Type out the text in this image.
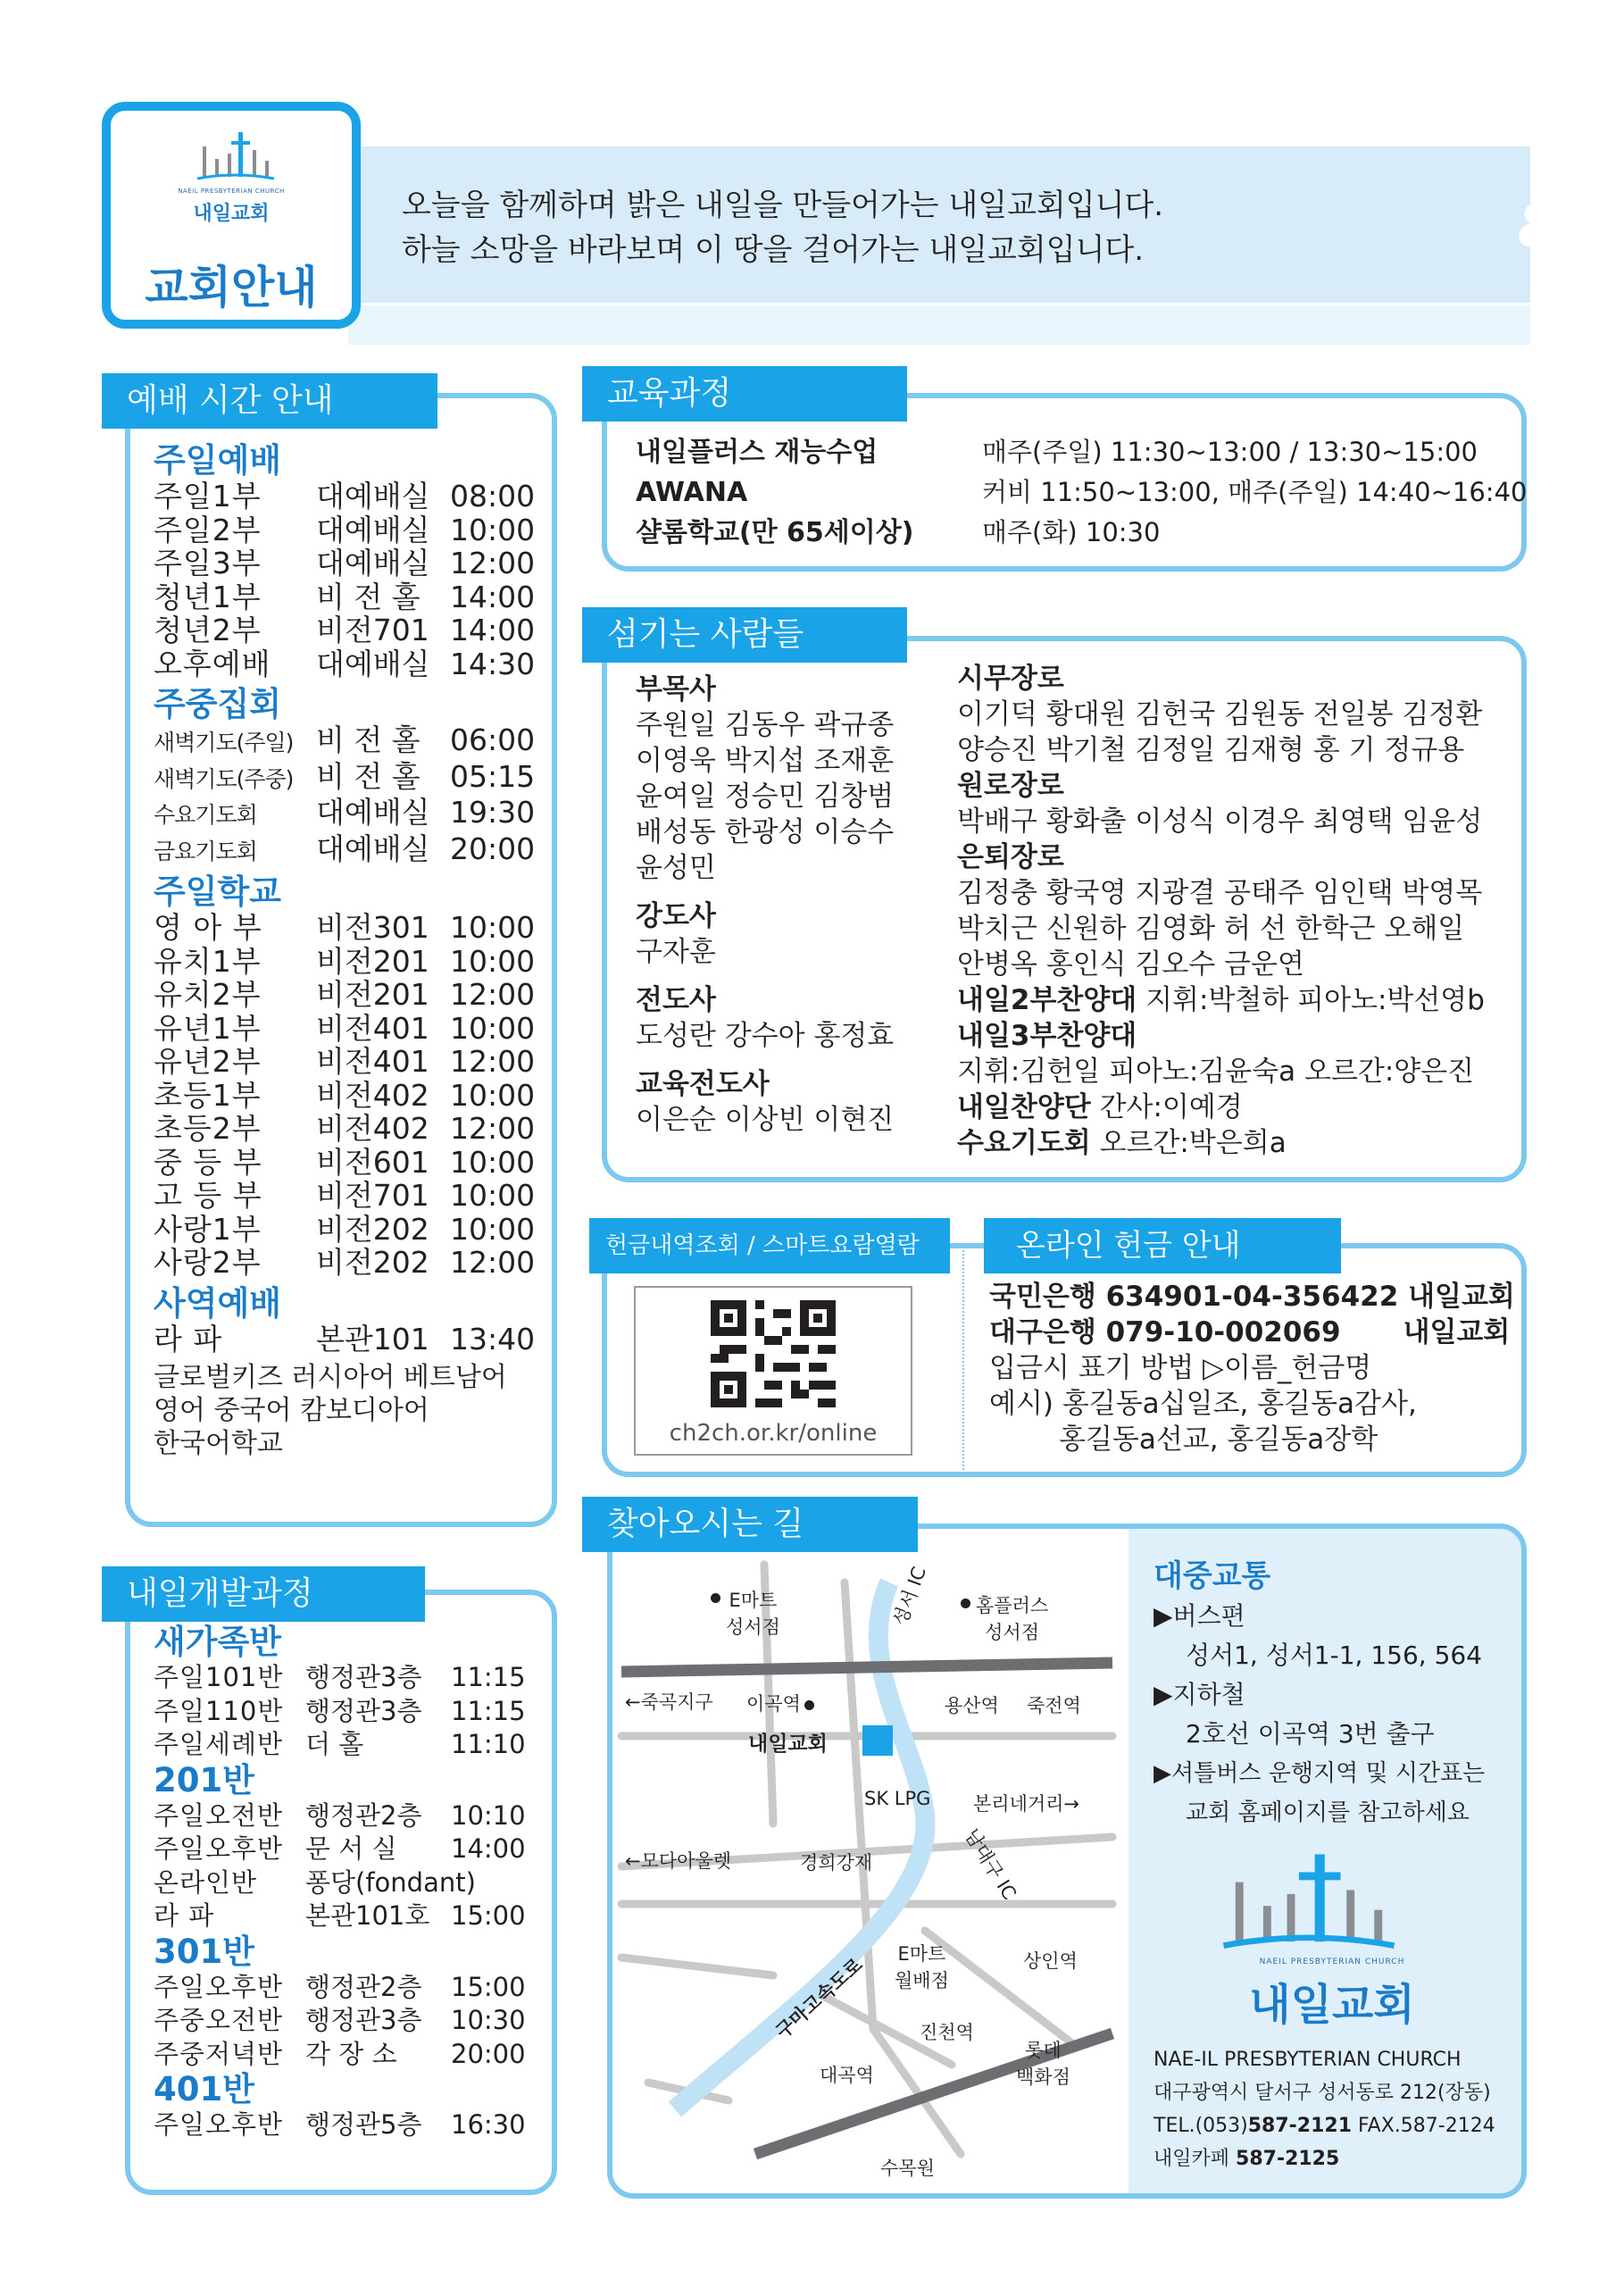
NAEIL PRESBYTERIAN CHURCH
내일교회
교회안내
오늘을 함께하며 밝은 내일을 만들어가는 내일교회입니다.
하늘 소망을 바라보며 이 땅을 걸어가는 내일교회입니다.	8
예배 시간 안내
주일예배
주일1부 대예배실 08:00
주일2부 대예배실 10:00
주일3부 대예배실 12:00
청년1부 비 전 홀 14:00
청년2부 비전701 14:00
오후예배 대예배실 14:30
주중집회
새벽기도(주일) 비 전 홀 06:00
새벽기도(주중) 비 전 홀 05:15
수요기도회 대예배실 19:30
금요기도회 대예배실 20:00
주일학교
영 아 부 비전301 10:00
유치1부 비전201 10:00
유치2부 비전201 12:00
유년1부 비전401 10:00
유년2부 비전401 12:00
초등1부 비전402 10:00
초등2부 비전402 12:00
중 등 부 비전601 10:00
고 등 부 비전701 10:00
사랑1부 비전202 10:00
사랑2부 비전202 12:00
사역예배
라 파	본관101 13:40
글로벌키즈 러시아어 베트남어
영어 중국어 캄보디아어
한국어학교
내일개발과정
새가족반
주일101반 행정관3층 11:15
주일110반 행정관3층 11:15
주일세례반 더 홀	11:10
201반
주일오전반 행정관2층 10:10
주일오후반 문 서 실 14:00
온라인반 퐁당(fondant)
라 파	본관101호 15:00
301반
주일오후반 행정관2층 15:00
주중오전반 행정관3층 10:30
주중저녁반 각 장 소 20:00
401반
주일오후반 행정관5층 16:30
교육과정
내일플러스 재능수업	매주(주일) 11:30~13:00 / 13:30~15:00
AWANA	커비 11:50~13:00, 매주(주일) 14:40~16:40
샬롬학교(만 65세이상)	매주(화) 10:30
섬기는 사람들
부목사
주원일 김동우 곽규종
이영욱 박지섭 조재훈
윤여일 정승민 김창범
배성동 한광성 이승수
윤성민
강도사
구자훈
전도사
도성란 강수아 홍정효
교육전도사
이은순 이상빈 이현진
시무장로
이기덕 황대원 김헌국 김원동 전일봉 김정환
양승진 박기철 김정일 김재형 홍 기 정규용
원로장로
박배구 황화출 이성식 이경우 최영택 임윤성
은퇴장로
김정충 황국영 지광결 공태주 임인택 박영목
박치근 신원하 김영화 허 선 한학근 오해일
안병옥 홍인식 김오수 금운연
내일2부찬양대 지휘:박철하 피아노:박선영b
내일3부찬양대
지휘:김헌일 피아노:김윤숙a 오르간:양은진
내일찬양단 간사:이예경
수요기도회 오르간:박은희a
헌금내역조회 / 스마트요람열람	온라인 헌금 안내
ch2ch.or.kr/online
국민은행 634901-04-356422 내일교회
대구은행 079-10-002069 내일교회
입금시 표기 방법 ▷이름_헌금명
예시) 홍길동a십일조, 홍길동a감사,
홍길동a선교, 홍길동a장학
E마트
성서점	성서 IC	홈플러스
성서점
←죽곡지구 이곡역	용산역 죽전역
내일교회
SK LPG 본리네거리→
←모다아울렛	경희강재	남대구 IC
구마고속도로
E마트
월배점
상인역
진천역
대곡역
롯데
백화점
수목원
대중교통
▶버스편
성서1, 성서1-1, 156, 564
▶지하철
2호선 이곡역 3번 출구
▶셔틀버스 운행지역 및 시간표는
교회 홈페이지를 참고하세요
NAEIL PRESBYTERIAN CHURCH
내일교회
NAE-IL PRESBYTERIAN CHURCH
대구광역시 달서구 성서동로 212(장동)
TEL.(053)587-2121 FAX.587-2124
내일카페 587-2125
찾아오시는 길
